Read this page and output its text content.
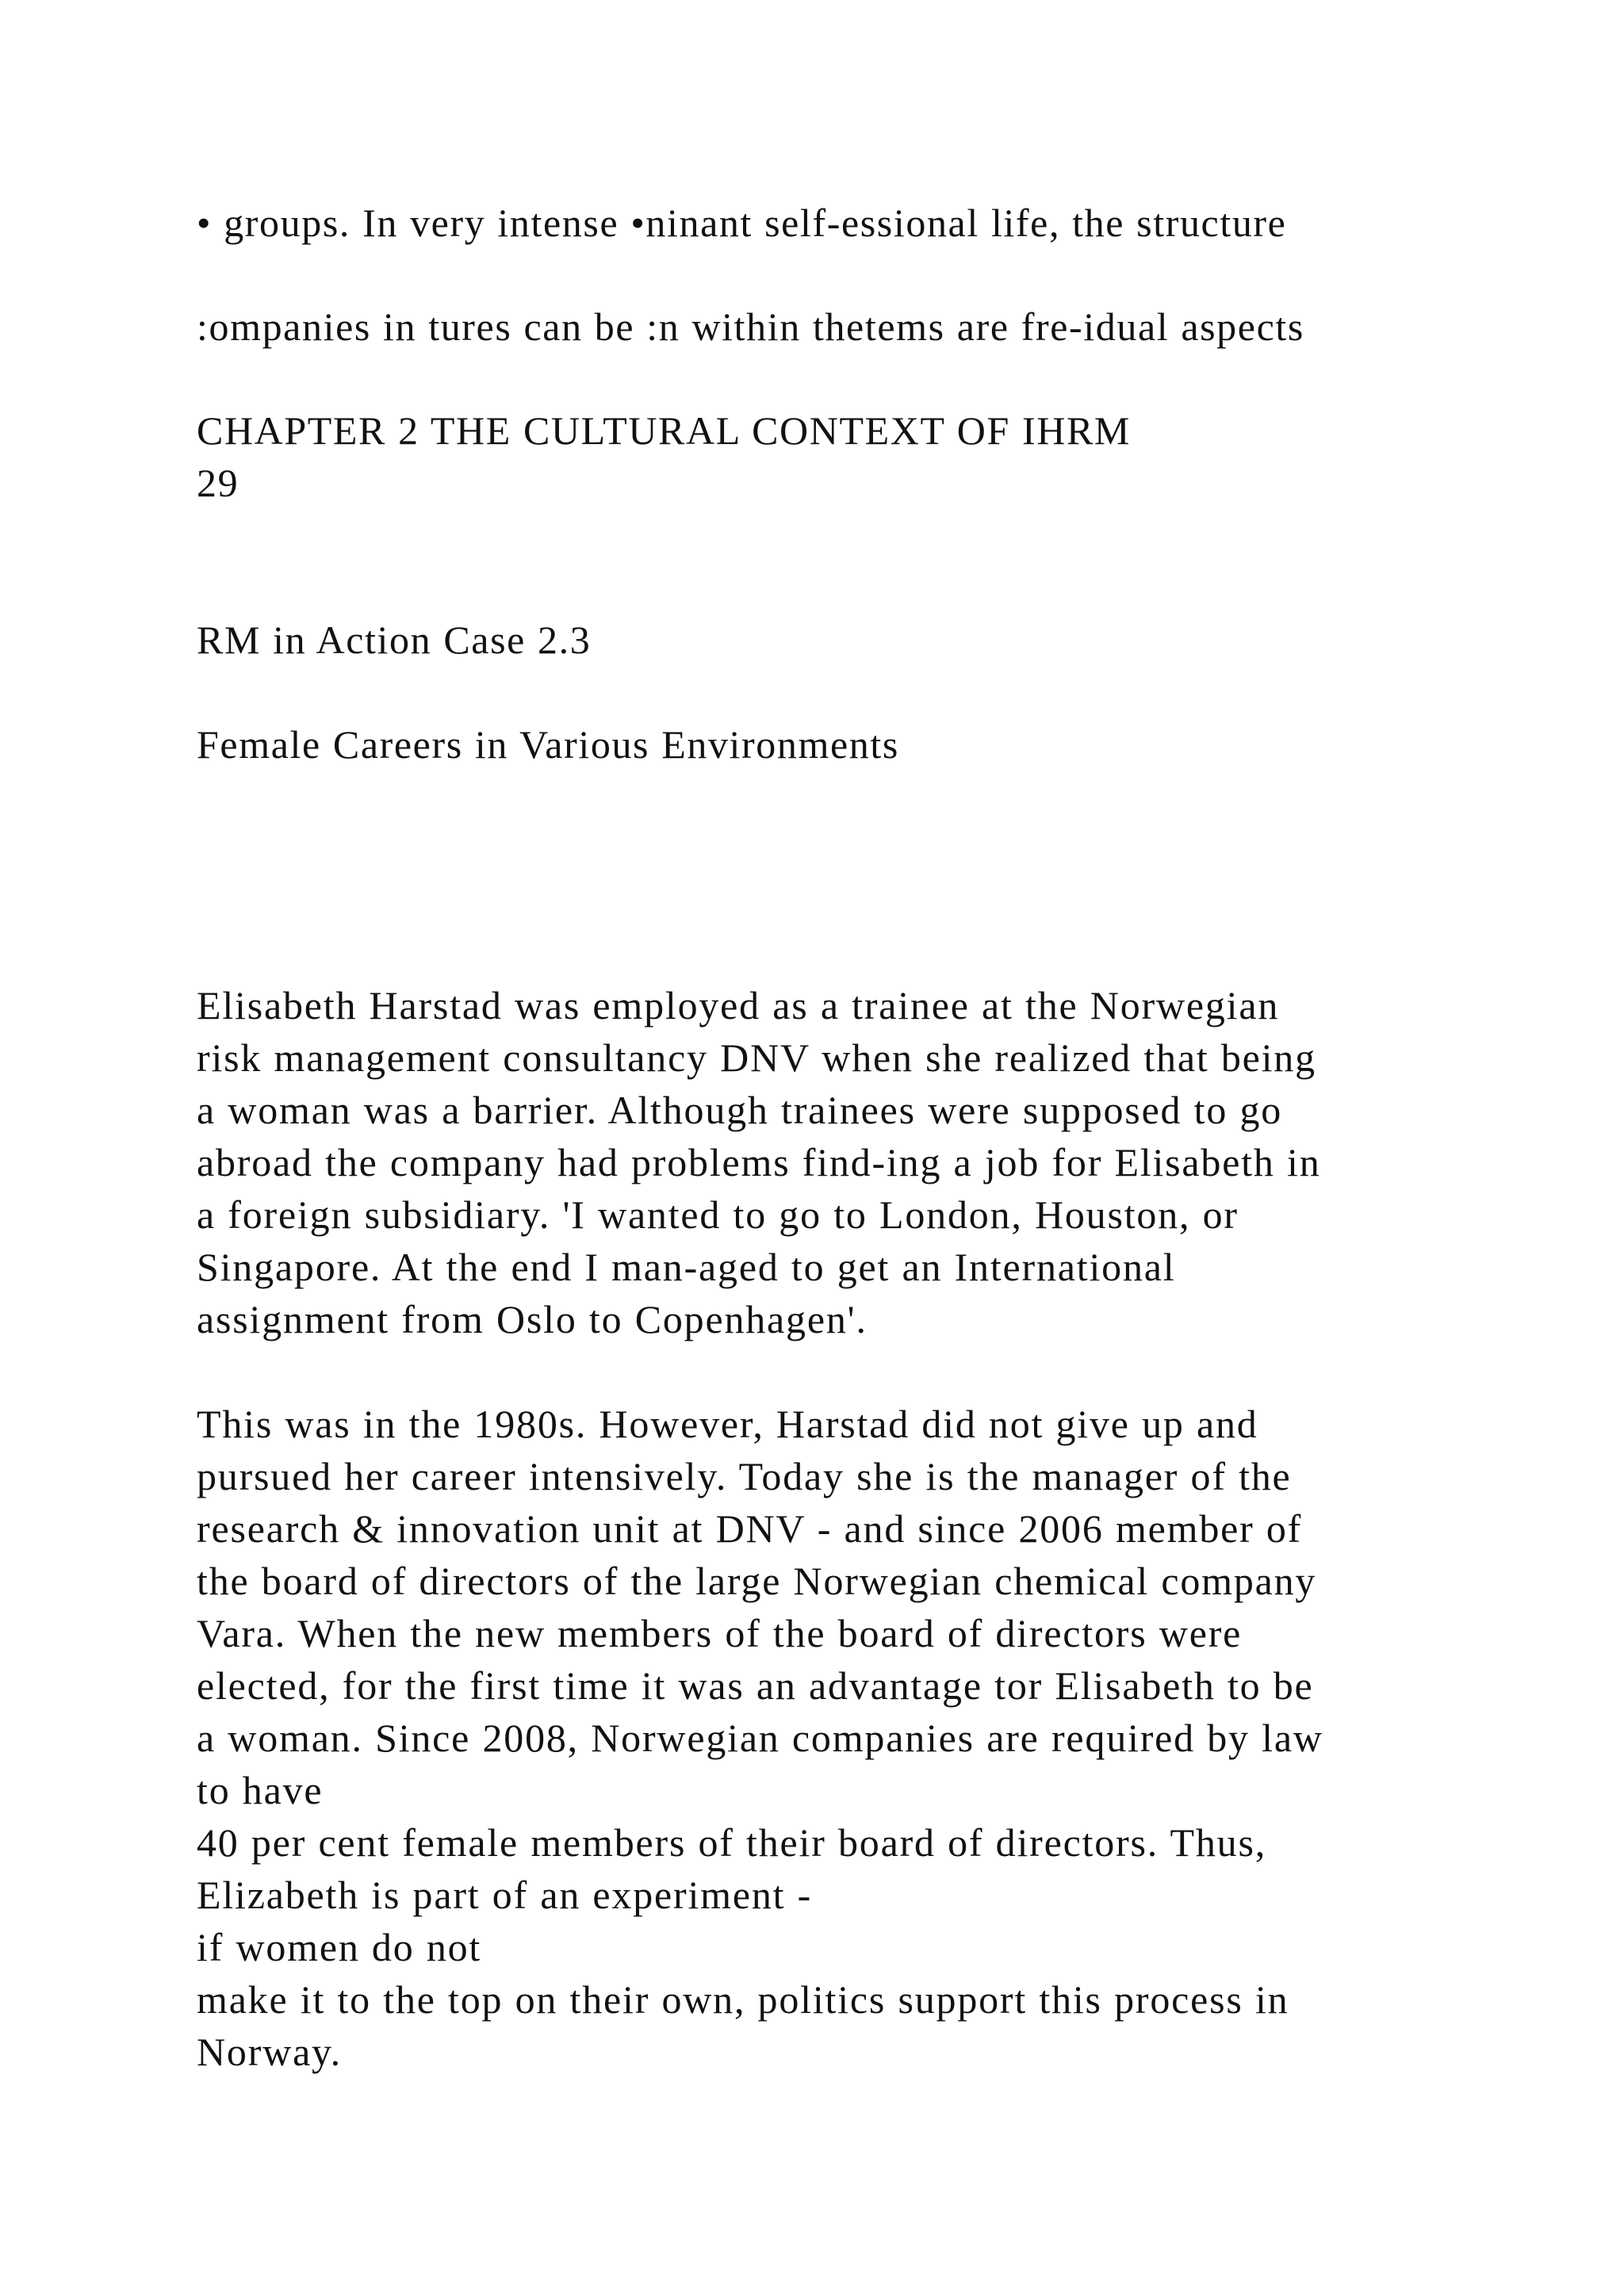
• groups. In very intense •ninant self-essional life, the structure

:ompanies in tures can be :n within thetems are fre-idual aspects

CHAPTER 2 THE CULTURAL CONTEXT OF IHRM

29

RM in Action Case 2.3

Female Careers in Various Environments

Elisabeth Harstad was employed as a trainee at the Norwegian

risk management consultancy DNV when she realized that being

a woman was a barrier. Although trainees were supposed to go

abroad the company had problems find-ing a job for Elisabeth in

a foreign subsidiary. 'I wanted to go to London, Houston, or

Singapore. At the end I man-aged to get an International

assignment from Oslo to Copenhagen'.

This was in the 1980s. However, Harstad did not give up and

pursued her career intensively. Today she is the manager of the

research & innovation unit at DNV - and since 2006 member of

the board of directors of the large Norwegian chemical company

Vara. When the new members of the board of directors were

elected, for the first time it was an advantage tor Elisabeth to be

a woman. Since 2008, Norwegian companies are required by law

to have

40 per cent female members of their board of directors. Thus,

Elizabeth is part of an experiment -

if women do not

make it to the top on their own, politics support this process in

Norway.
